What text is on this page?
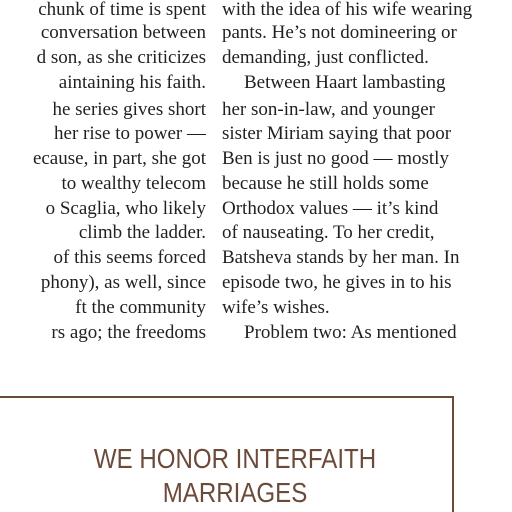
chunk of time is spent
conversation between
d son, as she criticizes
aintaining his faith.
he series gives short
her rise to power —
ecause, in part, she got
to wealthy telecom
o Scaglia, who likely
climb the ladder.
of this seems forced
phony), as well, since
ft the community
rs ago; the freedoms
with the idea of his wife wearing
pants. He’s not domineering or
demanding, just conflicted.
Between Haart lambasting
her son-in-law, and younger
sister Miriam saying that poor
Ben is just no good — mostly
because he still holds some
Orthodox values — it’s kind
of nauseating. To her credit,
Batsheva stands by her man. In
episode two, he gives in to his
wife’s wishes.
Problem two: As mentioned
WE HONOR INTERFAITH
MARRIAGES
